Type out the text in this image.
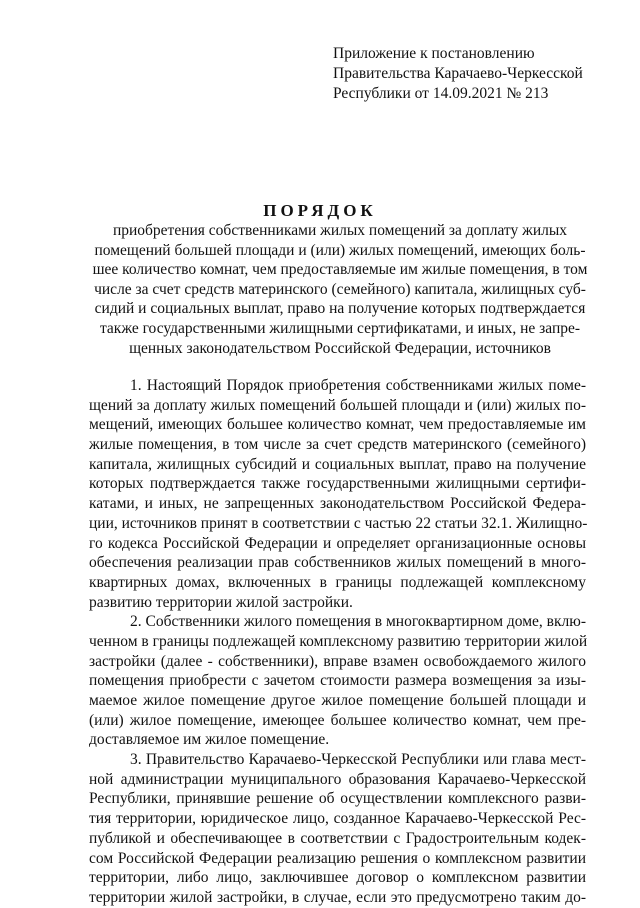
Приложение к постановлению
Правительства Карачаево-Черкесской
Республики от 14.09.2021 № 213
ПОРЯДОК
приобретения собственниками жилых помещений за доплату жилых
помещений большей площади и (или) жилых помещений, имеющих боль-
шее количество комнат, чем предоставляемые им жилые помещения, в том
числе за счет средств материнского (семейного) капитала, жилищных суб-
сидий и социальных выплат, право на получение которых подтверждается
также государственными жилищными сертификатами, и иных, не запре-
щенных законодательством Российской Федерации, источников
1. Настоящий Порядок приобретения собственниками жилых поме-
щений за доплату жилых помещений большей площади и (или) жилых по-
мещений, имеющих большее количество комнат, чем предоставляемые им
жилые помещения, в том числе за счет средств материнского (семейного)
капитала, жилищных субсидий и социальных выплат, право на получение
которых подтверждается также государственными жилищными сертифи-
катами, и иных, не запрещенных законодательством Российской Федера-
ции, источников принят в соответствии с частью 22 статьи 32.1. Жилищно-
го кодекса Российской Федерации и определяет организационные основы
обеспечения реализации прав собственников жилых помещений в много-
квартирных домах, включенных в границы подлежащей комплексному
развитию территории жилой застройки.
2. Собственники жилого помещения в многоквартирном доме, вклю-
ченном в границы подлежащей комплексному развитию территории жилой
застройки (далее - собственники), вправе взамен освобождаемого жилого
помещения приобрести с зачетом стоимости размера возмещения за изы-
маемое жилое помещение другое жилое помещение большей площади и
(или) жилое помещение, имеющее большее количество комнат, чем пре-
доставляемое им жилое помещение.
3. Правительство Карачаево-Черкесской Республики или глава мест-
ной администрации муниципального образования Карачаево-Черкесской
Республики, принявшие решение об осуществлении комплексного разви-
тия территории, юридическое лицо, созданное Карачаево-Черкесской Рес-
публикой и обеспечивающее в соответствии с Градостроительным кодек-
сом Российской Федерации реализацию решения о комплексном развитии
территории, либо лицо, заключившее договор о комплексном развитии
территории жилой застройки, в случае, если это предусмотрено таким до-
